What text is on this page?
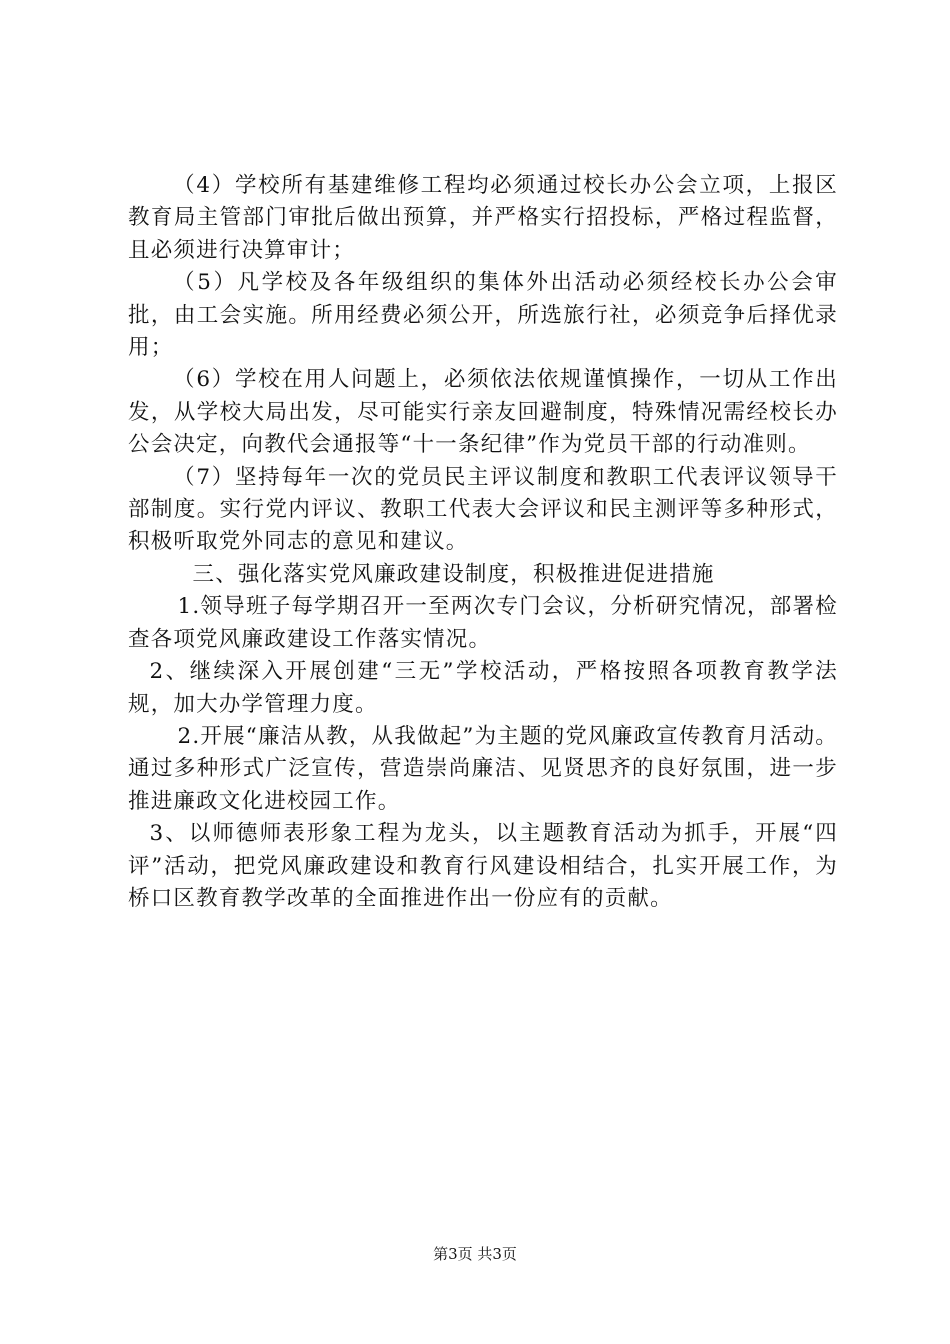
（4）学校所有基建维修工程均必须通过校长办公会立项，上报区教育局主管部门审批后做出预算，并严格实行招投标，严格过程监督，且必须进行决算审计；

（5）凡学校及各年级组织的集体外出活动必须经校长办公会审批，由工会实施。所用经费必须公开，所选旅行社，必须竞争后择优录用；

（6）学校在用人问题上，必须依法依规谨慎操作，一切从工作出发，从学校大局出发，尽可能实行亲友回避制度，特殊情况需经校长办公会决定，向教代会通报等“十一条纪律”作为党员干部的行动准则。

（7）坚持每年一次的党员民主评议制度和教职工代表评议领导干部制度。实行党内评议、教职工代表大会评议和民主测评等多种形式，积极听取党外同志的意见和建议。

三、强化落实党风廉政建设制度，积极推进促进措施

1.领导班子每学期召开一至两次专门会议，分析研究情况，部署检查各项党风廉政建设工作落实情况。

2、继续深入开展创建“三无”学校活动，严格按照各项教育教学法规，加大办学管理力度。

2.开展“廉洁从教，从我做起”为主题的党风廉政宣传教育月活动。通过多种形式广泛宣传，营造崇尚廉洁、见贤思齐的良好氛围，进一步推进廉政文化进校园工作。

3、以师德师表形象工程为龙头，以主题教育活动为抓手，开展“四评”活动，把党风廉政建设和教育行风建设相结合，扎实开展工作，为桥口区教育教学改革的全面推进作出一份应有的贡献。

第3页 共3页
